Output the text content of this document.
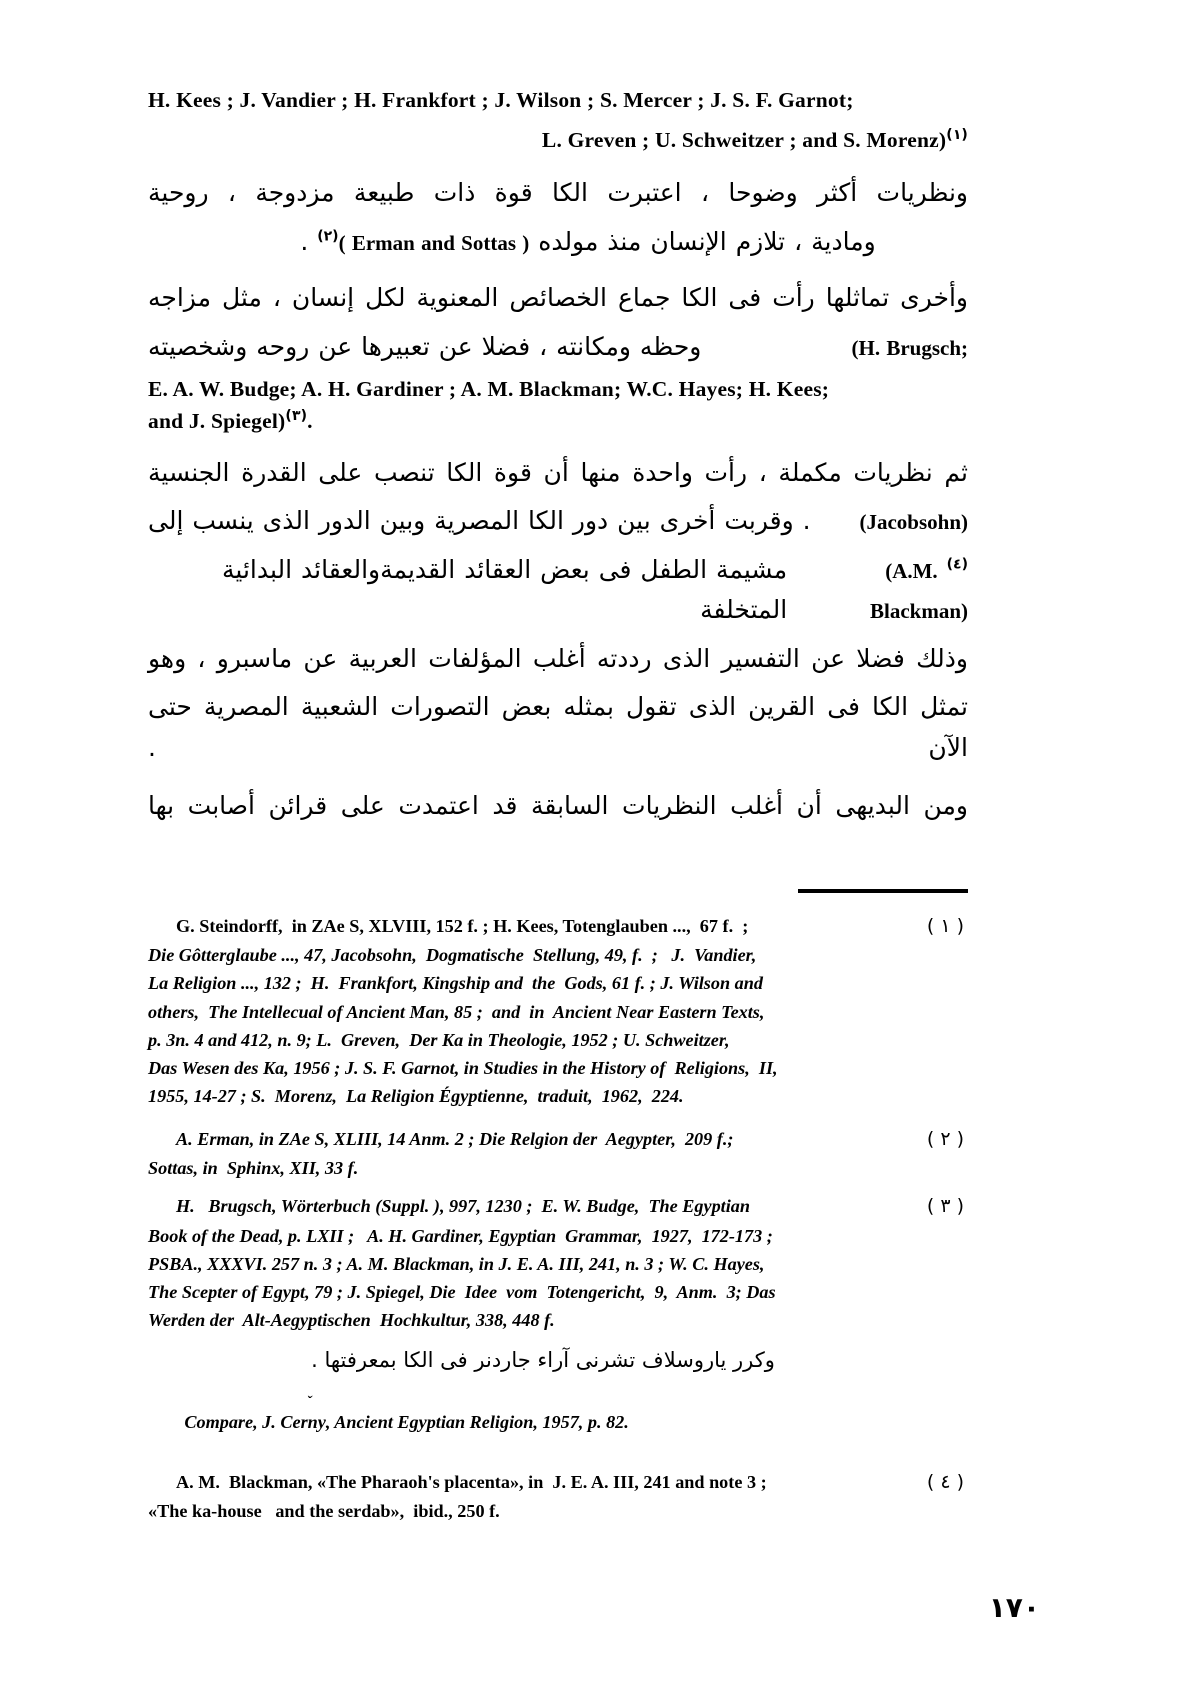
H. Kees ; J. Vandier ; H. Frankfort ; J. Wilson ; S. Mercer ; J. S. F. Garnot;
L. Greven ; U. Schweitzer ; and S. Morenz)$^{(١)}$
ونظريات أكثر وضوحا ، اعتبرت الكا قوة ذات طبيعة مزدوجة ، روحية
ومادية ، تلازم الإنسان منذ مولده ( Erman and Sottas )$^{(٢)}$ .
وأخرى تماثلها رأت فى الكا جماع الخصائص المعنوية لكل إنسان ، مثل مزاجه
(H. Brugsch;
وحظه ومكانته ، فضلا عن تعبيرها عن روحه وشخصيته
E. A. W. Budge; A. H. Gardiner ; A. M. Blackman; W.C. Hayes; H. Kees;
and J. Spiegel)$^{(٣)}$.
ثم نظريات مكملة ، رأت واحدة منها أن قوة الكا تنصب على القدرة الجنسية
(Jacobsohn)
. وقربت أخرى بين دور الكا المصرية وبين الدور الذى ينسب إلى
$^{(٤)}$ (A.M. Blackman)
مشيمة الطفل فى بعض العقائد القديمةوالعقائد البدائية المتخلفة
وذلك فضلا عن التفسير الذى رددته أغلب المؤلفات العربية عن ماسبرو ، وهو
تمثل الكا فى القرين الذى تقول بمثله بعض التصورات الشعبية المصرية حتى الآن .
ومن البديهى أن أغلب النظريات السابقة قد اعتمدت على قرائن أصابت بها
G. Steindorff,  in ZAe S, XLVIII, 152 f. ; H. Kees, Totenglauben ...,  67 f.  ;	( ١ )
Die Gôtterglaube ..., 47, Jacobsohn,  Dogmatische  Stellung, 49, f.  ;   J.  Vandier,
La Religion ..., 132 ;  H.  Frankfort, Kingship and  the  Gods, 61 f. ; J. Wilson and
others,  The Intellecual of Ancient Man, 85 ;  and  in  Ancient Near Eastern Texts,
p. 3n. 4 and 412, n. 9; L.  Greven,  Der Ka in Theologie, 1952 ; U. Schweitzer,
Das Wesen des Ka, 1956 ; J. S. F. Garnot, in Studies in the History of  Religions,  II,
1955, 14-27 ; S.  Morenz,  La Religion Égyptienne,  traduit,  1962,  224.
A. Erman, in ZAe S, XLIII, 14 Anm. 2 ; Die Relgion der  Aegypter,  209 f.;	( ٢ )
Sottas, in  Sphinx, XII, 33 f.
H.   Brugsch, Wörterbuch (Suppl. ), 997, 1230 ;  E. W. Budge,  The Egyptian	( ٣ )
Book of the Dead, p. LXII ;   A. H. Gardiner, Egyptian  Grammar,  1927,  172-173 ;
PSBA., XXXVI. 257 n. 3 ; A. M. Blackman, in J. E. A. III, 241, n. 3 ; W. C. Hayes,
The Scepter of Egypt, 79 ; J. Spiegel, Die  Idee  vom  Totengericht,  9,  Anm.  3; Das
Werden der  Alt-Aegyptischen  Hochkultur, 338, 448 f.
وكرر ياروسلاف تشرنى آراء جاردنر فى الكا بمعرفتها .

Compare, J. C
ˇ
erny, Ancient Egyptian Religion, 1957, p. 82.

A. M.  Blackman, «The Pharaoh's placenta», in  J. E. A. III, 241 and note 3 ;	( ٤ )
«The ka-house   and the serdab»,  ibid., 250 f.
١٧٠
